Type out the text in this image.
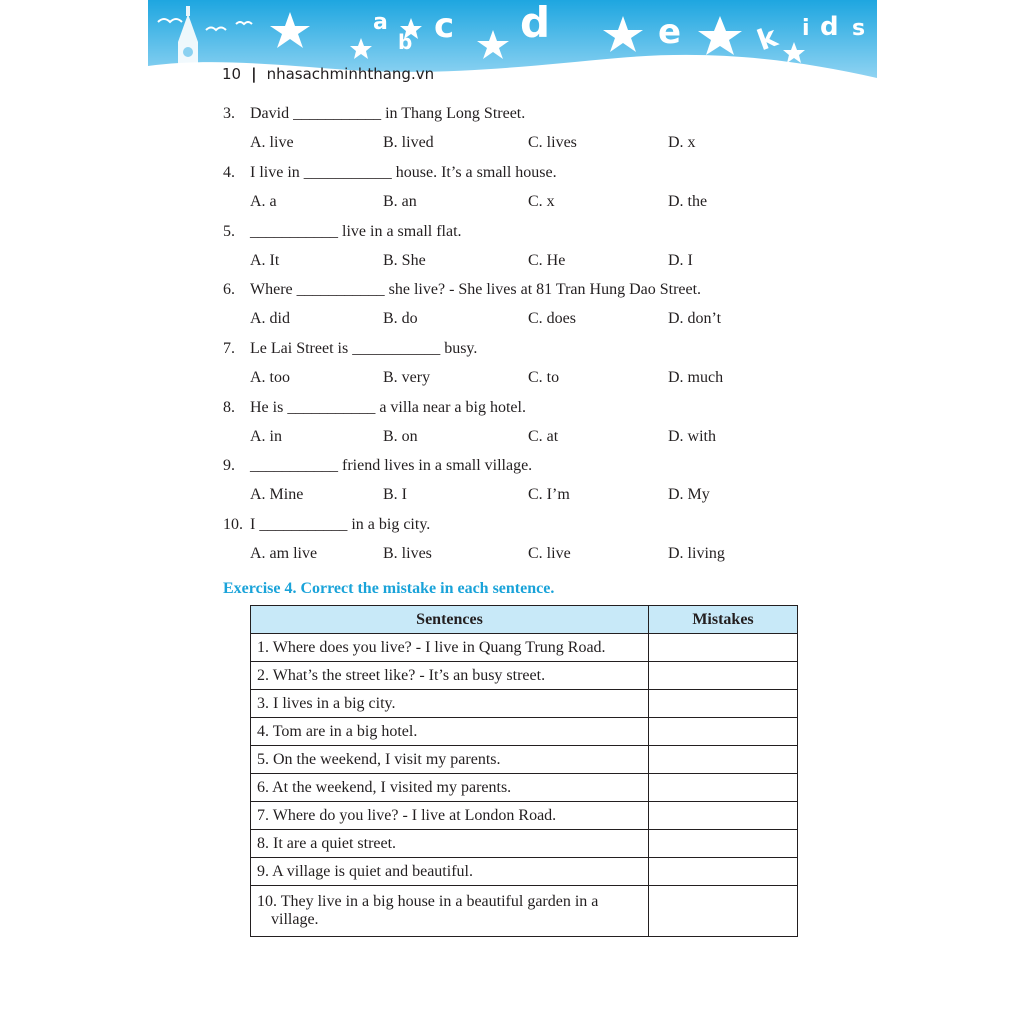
a
b c d	e	k i d s
10 | nhasachminhthang.vn
3. David ___________ in Thang Long Street.
A. live	B. lived	C. lives	D. x
4. I live in ___________ house. It’s a small house.
A. a	B. an	C. x	D. the
5. ___________ live in a small flat.
A. It	B. She	C. He	D. I
6. Where ___________ she live? - She lives at 81 Tran Hung Dao Street.
A. did	B. do	C. does	D. don’t
7. Le Lai Street is ___________ busy.
A. too	B. very	C. to	D. much
8. He is ___________ a villa near a big hotel.
A. in	B. on	C. at	D. with
9. ___________ friend lives in a small village.
A. Mine	B. I	C. I’m	D. My
10. I ___________ in a big city.
A. am live	B. lives	C. live	D. living
Exercise 4. Correct the mistake in each sentence.
Sentences	Mistakes
1. Where does you live? - I live in Quang Trung Road.	
2. What’s the street like? - It’s an busy street.	
3. I lives in a big city.	
4. Tom are in a big hotel.	
5. On the weekend, I visit my parents.	
6. At the weekend, I visited my parents.	
7. Where do you live? - I live at London Road.	
8. It are a quiet street.	
9. A village is quiet and beautiful.	

10. They live in a big house in a beautiful garden in a village.	
